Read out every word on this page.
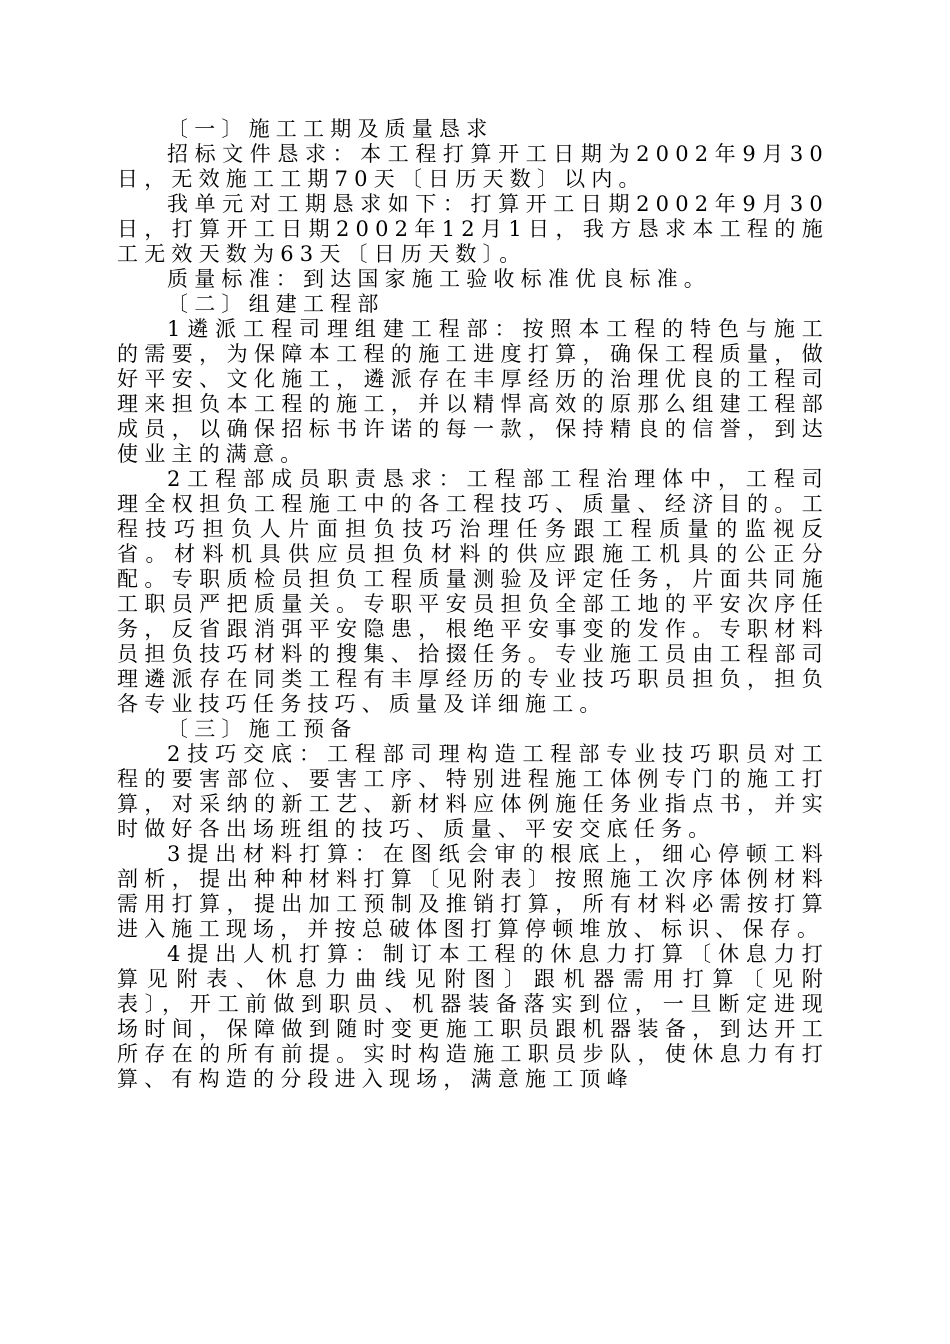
〔一〕施工工期及质量恳求

招标文件恳求：本工程打算开工日期为2002年9月30日，无效施工工期70天〔日历天数〕以内。

我单元对工期恳求如下：打算开工日期2002年9月30日，打算开工日期2002年12月1日，我方恳求本工程的施工无效天数为63天〔日历天数〕。

质量标准：到达国家施工验收标准优良标准。

〔二〕组建工程部

1遴派工程司理组建工程部：按照本工程的特色与施工的需要，为保障本工程的施工进度打算，确保工程质量，做好平安、文化施工，遴派存在丰厚经历的治理优良的工程司理来担负本工程的施工，并以精悍高效的原那么组建工程部成员，以确保招标书许诺的每一款，保持精良的信誉，到达使业主的满意。

2工程部成员职责恳求：工程部工程治理体中，工程司理全权担负工程施工中的各工程技巧、质量、经济目的。工程技巧担负人片面担负技巧治理任务跟工程质量的监视反省。材料机具供应员担负材料的供应跟施工机具的公正分配。专职质检员担负工程质量测验及评定任务，片面共同施工职员严把质量关。专职平安员担负全部工地的平安次序任务，反省跟消弭平安隐患，根绝平安事变的发作。专职材料员担负技巧材料的搜集、拾掇任务。专业施工员由工程部司理遴派存在同类工程有丰厚经历的专业技巧职员担负，担负各专业技巧任务技巧、质量及详细施工。

〔三〕施工预备

2技巧交底：工程部司理构造工程部专业技巧职员对工程的要害部位、要害工序、特别进程施工体例专门的施工打算，对采纳的新工艺、新材料应体例施任务业指点书，并实时做好各出场班组的技巧、质量、平安交底任务。

3提出材料打算：在图纸会审的根底上，细心停顿工料剖析，提出种种材料打算〔见附表〕按照施工次序体例材料需用打算，提出加工预制及推销打算，所有材料必需按打算进入施工现场，并按总破体图打算停顿堆放、标识、保存。

4提出人机打算：制订本工程的休息力打算〔休息力打算见附表、休息力曲线见附图〕跟机器需用打算〔见附表〕，开工前做到职员、机器装备落实到位，一旦断定进现场时间，保障做到随时变更施工职员跟机器装备，到达开工所存在的所有前提。实时构造施工职员步队，使休息力有打算、有构造的分段进入现场，满意施工顶峰
